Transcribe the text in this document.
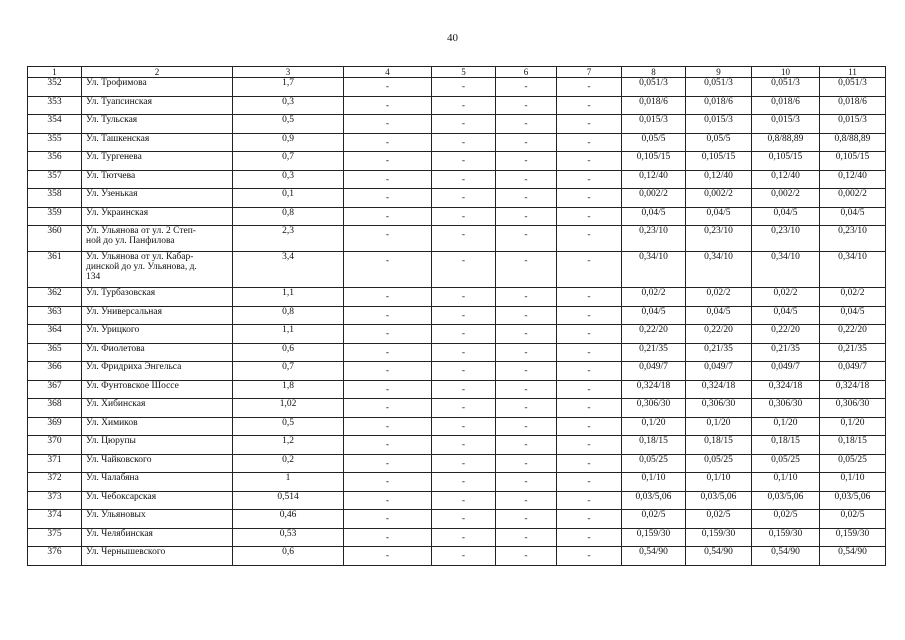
40
1	2	3	4	5	6	7	8	9	10	11
352	Ул. Трофимова	1,7	-	-	-	-	0,051/3	0,051/3	0,051/3	0,051/3
353	Ул. Туапсинская	0,3	-	-	-	-	0,018/6	0,018/6	0,018/6	0,018/6
354	Ул. Тульская	0,5	-	-	-	-	0,015/3	0,015/3	0,015/3	0,015/3
355	Ул. Ташкенская	0,9	-	-	-	-	0,05/5	0,05/5	0,8/88,89	0,8/88,89
356	Ул. Тургенева	0,7	-	-	-	-	0,105/15	0,105/15	0,105/15	0,105/15
357	Ул. Тютчева	0,3	-	-	-	-	0,12/40	0,12/40	0,12/40	0,12/40
358	Ул. Узенькая	0,1	-	-	-	-	0,002/2	0,002/2	0,002/2	0,002/2
359	Ул. Украинская	0,8	-	-	-	-	0,04/5	0,04/5	0,04/5	0,04/5
360	Ул. Ульянова от ул. 2 Степ-
ной до ул. Панфилова	2,3	-	-	-	-	0,23/10	0,23/10	0,23/10	0,23/10
361	Ул. Ульянова от ул. Кабар-
динской до ул. Ульянова, д.
134	3,4	-	-	-	-	0,34/10	0,34/10	0,34/10	0,34/10
362	Ул. Турбазовская	1,1	-	-	-	-	0,02/2	0,02/2	0,02/2	0,02/2
363	Ул. Универсальная	0,8	-	-	-	-	0,04/5	0,04/5	0,04/5	0,04/5
364	Ул. Урицкого	1,1	-	-	-	-	0,22/20	0,22/20	0,22/20	0,22/20
365	Ул. Фиолетова	0,6	-	-	-	-	0,21/35	0,21/35	0,21/35	0,21/35
366	Ул. Фридриха Энгельса	0,7	-	-	-	-	0,049/7	0,049/7	0,049/7	0,049/7
367	Ул. Фунтовское Шоссе	1,8	-	-	-	-	0,324/18	0,324/18	0,324/18	0,324/18
368	Ул. Хибинская	1,02	-	-	-	-	0,306/30	0,306/30	0,306/30	0,306/30
369	Ул. Химиков	0,5	-	-	-	-	0,1/20	0,1/20	0,1/20	0,1/20
370	Ул. Цюрупы	1,2	-	-	-	-	0,18/15	0,18/15	0,18/15	0,18/15
371	Ул. Чайковского	0,2	-	-	-	-	0,05/25	0,05/25	0,05/25	0,05/25
372	Ул. Чалабяна	1	-	-	-	-	0,1/10	0,1/10	0,1/10	0,1/10
373	Ул. Чебоксарская	0,514	-	-	-	-	0,03/5,06	0,03/5,06	0,03/5,06	0,03/5,06
374	Ул. Ульяновых	0,46	-	-	-	-	0,02/5	0,02/5	0,02/5	0,02/5
375	Ул. Челябинская	0,53	-	-	-	-	0,159/30	0,159/30	0,159/30	0,159/30
376	Ул. Чернышевского	0,6	-	-	-	-	0,54/90	0,54/90	0,54/90	0,54/90
